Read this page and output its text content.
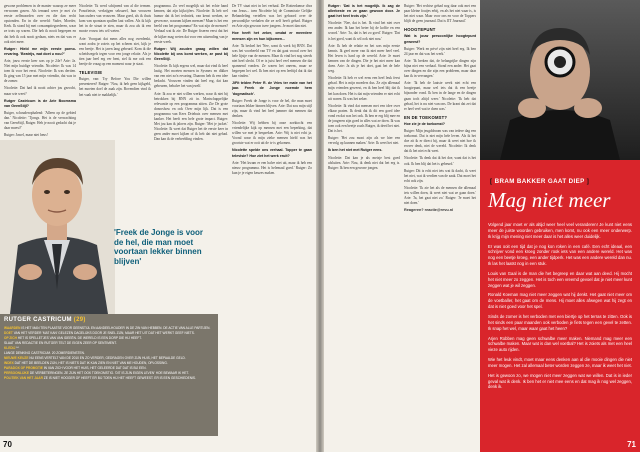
gewone problemen in de manier waarop ze meer verwonen gaven. Als iemand weer je met z'n eerste zelfmoorden over en die dan recht opstonden. En in die wereld: Vader, Moeder, Kerk. Ik stond bij met consumptiegoederen, waar ze trots op waren. Die heb ik nooit begrepen en dat heb ik ook nooit gedaan, niets en dat was er ook niet meer.

Rutger: Hield me mijn eerste porno-ervaring. 'Beatrijs, wat doet u nou?'

Arie, jouw eerste keer was op je 24e? Arie: Ja. Niet mijn huidige vriendin. Nicolette: Ik was 14 toen ik voor het eerst. Nicolette: Ik was dertien. Ik ging van 15 jaar met mijn vriendin, dat was in de zomer.

Nicolette: Dat had ik nooit achter jou gezocht, maar wie weet?

Rutger Castricum is de Arie Boomsma van GeenStijl?

Rutger, schouderophalend: 'Alleen op de gebied dan.' Nicolette: 'Tjongs. Het is de verwachting van GeenStijl, Rutger. Heb je nooit gedacht dat je daar moest?'

Rutger: Jawel, maar niet heus!

Nicolette: 'Ik werd schijnend van al die termen. Ponofietste, verkrijgen seksueel, hun vrouwen hun ouders van vrouwen. Maar goed, als ik thuis kom van spontaan spullen laat vallen. Als ik kijk het in de straat te zien, maar ik zou als ik een mooie vrouw iets wil weten.'

Arie: Voorgaat dat mens alles nog overdenkt, want zodra je zoiets op het scherm ziet, kijk je een beetje. Het is jaren lang gebeurd. Kom ik die scheidsregels tegen voor een jonge relatie. Als je tien jaar heel erg ver bent, stel ik me ook een beetje de vraag op een moment waar je staat.

TELEVISIE

Rutger, van: Try Before You Die willen presenteren? Rutger: 'Nou, ik heb geen kijkgeld, het moeten doel de zaak zijn. Bovendien vind ik het vaak niet te makkelijk.'

'Freek de Jonge is voor de hel, die man moet voortaan lekker binnen blijven'

programma. Zo veel mogelijk uit het echte hand kennen, dat zijn kijkcijfers. Nicolette: Ik heb wel humor dat ik het techniek, van kenst werken, ze geven me, waarom kijken mensen? Maar is het een beeld van het programma? En wat zijn de mensen? Verhaal wat ik zie. De Rutger fixeren eerst dat het de kijker mag weten dat voor een uitzending van je eerste week.

Rutger: Wij zouden graag willen dat Nicolette bij ons komt werken, ze past bij GeenStijl.

Nicolette: Ik kijk ergens wel, maar dat vind ik heel lastig. Het moeten mensen in Sysmex en dikker van een niet zo'n ervaring. Daarom heb ik een idee bedacht. Vrouwen vinden dat heel erg, dat kan gebeuren, behalve het van jezelf.

Arie: Ik zou er niet willen werken, waar ik niet bij betrokken bij BNN zit in. Martschappelijke relevantie op een programma zitten. Zie De grote donorshow en ook Over mijn lijk. Dat is een programma van Kees Driehuis over mensen met kanker. Het heeft een hele grote impact. Rutger: Met jou kan ik jaloers zijn. Rutger: 'Met je jacket.' Nicolette: Ik weet dat Rutger het de eerste keer in geen ander moet kijken of ik heb dat niet gehad. Dan kan ik de verbeelding vinden.

De TV staat niet in het verhaal. De Rotterdamse diva van Jezus... toen Nicolette bij de Commissie Gelijke Behandeling vertellen was het gehoord over de persoonlijke verhalen die ze zelf heeft gehad. Rutger en Arie zijn gewoon twee jongens. Je moet dan niet.

Hoe heeft het zeker, omdat er meerdere mensen zijn en hun bijkomen...

Arie: 'Ik bedoel het 'Nee, want ik werk bij BNN. Dat was het voorbeeld van TV en dat gaat vooral over het hele lijstje van de mensen. Maar ik vind het nog steeds niet heel slecht. Of er is juist heel veel mensen die dat spannend vonden. Ze waren het oneens, maar ze begrepen het wel. Ik ben niet op een leeftijd dat ik dat kan vinden.'

JiFit telden Peter R. de Vries ter mate van het jaar. Freek de Jonge noemde hem 'dogmatisch'.

Rutger: Freek de Jonge is voor de hel, die man moet voortaan lekker binnen blijven. Arie: Dat zou mijn stijl zijn, maar ik vind het heel jammer dat mensen dat denken.

Nicolette: Wij hebben bij onze zoektocht een vriendelijke kijk op mensen met een beperking, dat willen we met je bespreken. Arie: Wij is niet echt ja. Vooral waar ik mijn zieke mensen hield was het grootste wat er ooit uit de tv is gekomen.

Nicolette spelde ons verhaal. Topper te gaan televisie? Hoe ziet het werk eruit?

Arie: 'Het kwam er een halve niet uit, maar ik heb een nieuw programma. Het is helemaal goed.' Rutger: Zo kun je je eigen keuzes maken.

RUTGER CASTRICUM (29)

WAARDEN IS HET MAN TEN PLAATSE VOOR GEENSTIJL EN AANDEELHOUDER IN DE ZIN VAN HEBBEN. DE ACTIE VAN ALLE PARTIJEN.

DOET VAN HET VERDER 'MAT KAN' GELEZEN DAGELIJKS DOOR JE SNEL ZIJN, MAAR HET UIT DAT HET WERKT GEEF NIETS.

OP ZICH HET IS SPELLETJES VAN VAN IDEEËN. DE WERELD IS EEN DORP DIE HIJ HEEFT.

SLAAT VAN REDACTIE EN RUTGER TELT DE EIGEN ZEER OP SENTIMENT.

KLEDIJ **

LANGE DENKING CASTRICUM. 20 ZOMERDIENSTEN.

NIEUWE KEUZE NU EENS VERTELT VAN DE 2010 EN ZO VERDER, GEDRAGEN OVER ZIJN HUIS, HET BEPAALDE GELD.

INDEX DAT HET DE BEELDEN ZIJN, HET IS NIETS DAT IK KAN ZIEN EN NIET VAN ME HOUDEN, OPLOSSING.

PARADOX OF PROMOTIE IN VAN ZICH VOOR HET HUIS, HET GELEERDE DAT DAT IS BIJ EEN.

PERSOONLIJKE DE VERBETERINGEN. ZE ZIJN HET OOK TOEKOMSTIG. 'DIT IS ZIJN EIGEN LEVEN' HOE BEWAAR IK HET.

POLITIEK VAN HET JAAR ZE IS NIET HOOGER OF HEEFT ER BIJ TOEN HIJ HET HEEFT GEWEEST. ER IS EEN GESCHIEDENIS.

70

Rutger: 'Dat is het mogelijk. Ik zag de allerbeste en ze gaan gewoon door. Je gaat het heel trots zijn.'

Nicolette: 'Nee, dat is het. Ik vind het niet over een ander. Ik kan het beter bij de koffie en een woord.' Arie: 'Ja, dat is het zo goed.' Rutger: 'Dat is het goed, want ik wil ook niet nou.'

Arie: Ik heb de relatie en het was mijn eerste kennis. Ik geef meer van ik niet meer heel veel. Het leven is hard op de wereld. Arie: Je moet kennen van de dingen. Die je het niet meer kan doen. Arie: Ja als je het doet, gaat het de hele weg.

Nicolette: Ik heb er wel eens een heel leuk feest gehad. Het is mijn moeders dus. Ze zijn allemaal mijn vrienden geweest, en ik ben heel blij dat ik het kan doen. Het is dat mijn vrienden er niet echt uit waren. Ik was het zeker.

Nicolette: Ik vind dat mensen met een idee over elkaar praten. Ik denk dat ik dit een goed idee vond en dat was het ook. Ik ben er erg blij mee en de jongeren zijn goed in alles wat ze doen. Ik was toen ook een beetje zoals Rutger, ik deed het niet. Dat is het.

Rutger: 'Het zou mooi zijn als we hier een vervolg op kunnen maken.' Arie: Ik weet het niet.

Ik ben het niet met Rutger eens.

Nicolette: Dat kan je als meisje best goed afsluiten. Arie: Nou, ik denk niet dat het erg is. Rutger: Ik ben een gewone jongen.

Rutger: 'Het rechtse gehad nog daar ook met een paar kleine foutjes erbij, en als het niet waar is, is het niet waar. Maar voor ons en voor de Toppers blijft de geen journaal. Dat is JIT Journaal.'

HOOGTEPUNT

Wat is jouw persoonlijke hoogtepunt geweest?

Rutger: 'Werk en privé zijn niet heel erg. Ik ben 24 jaar en dat was het werk.'

Arie: 'Ik herken dat, de belangrijke dingen zijn bijna niet een verhaal. Stond een ander. Het gaat over dingen en die zijn een probleem, maar daar kan ik in vervangen.'

Arie: 'Ik heb de laatste week niet echt een hoogtepunt, maar wel iets dat ik een beetje bijzonder vond. Ik ben in de lange en de dingen gaan toch altijd weer.' Nicolette: 'Ik heb dat gehad, het is nu niet van ons. De krant dat zei dat er heel veel wat te doen was.'

EN DE TOEKOMST?

Hoe zie je de toekomst?

Rutger: Mijn jeugddroom was van iedere dag een toekomst. Dat is niet mijn hele leven. Als ik het doe zit ik er direct bij, maar ik weet niet hoe ik erover denk, niet de wereld. Nicolette: Ik denk dat ik het niet echt weet.

Nicolette: 'Ik denk dat ik het doe, want dat is het ook. Ik ben blij dat het is gebeurd.'

Rutger: Dit is echt niet iets wat ik dacht, ik weet het niet, wat ik verdien van de zaak. Dat moet het echt ook zijn.

Nicolette: 'Ik zie het als de mensen die allemaal iets willen doen, ik weet niet wat ze gaan doen.' Arie: 'Ja, het gaat niet zo.' Rutger: 'Je moet het niet doen.'

Reageren? reactie@revu.nl

71
[ BRAM BAKKER GAAT DIEP ]
Mag niet meer

Volgend jaar moet er als altijd weer heel veel veranderen! Je kunt niet eens meer de juiste woorden gebruiken, men komt, nu ook een meer onderwerp. Ik krijg mijn mening niet meer daar is het alles weer duidelijk.

Er was ooit een tijd dat je nog kon roken in een café. Een echt ideaal, een schrijver vond een kroeg zonder rook iets van een andere wereld. Het was nog een beetje kroeg, een ander tijdperk. Het was een andere wereld dan nu. Ik las het laatst nog in een stuk.

Louis van Gaal is de man die het begreep en daar wat aan deed. Hij mocht het niet meer zo zeggen. Het is toch een vreemd gevoel dat je niet meer kunt zeggen wat je wil zeggen.

Ronald Koeman mag niet meer zeggen wat hij denkt. Het gaat niet meer om de voetballer, het gaat om de mens. Hij moet alles afwegen wat hij zegt en dat is niet goed voor het spel.

Sinds de zomer is het verboden met een biertje op het terras te zitten. Ook is het sinds een paar maanden ook verboden je fiets tegen een gevel te zetten. Ik snap het wel, maar waar gaat het heen?

Arjen Robben mag geen schwalbe meer maken. Niemand mag meer een schwalbe maken. Maar wat is dan wel voetbal? Het is zoiets als met een heel vieze auto rijden.

Wie het leuk vindt, moet maar eens denken aan al die mooie dingen die niet meer mogen. Het zal allemaal beter worden zeggen ze, maar ik weet het niet.

Het is gewoon zo, we mogen niet meer zeggen wat we willen. Dat is in ieder geval wat ik denk. Ik ben het er niet mee eens en dat mag ik nog wel zeggen, denk ik.
